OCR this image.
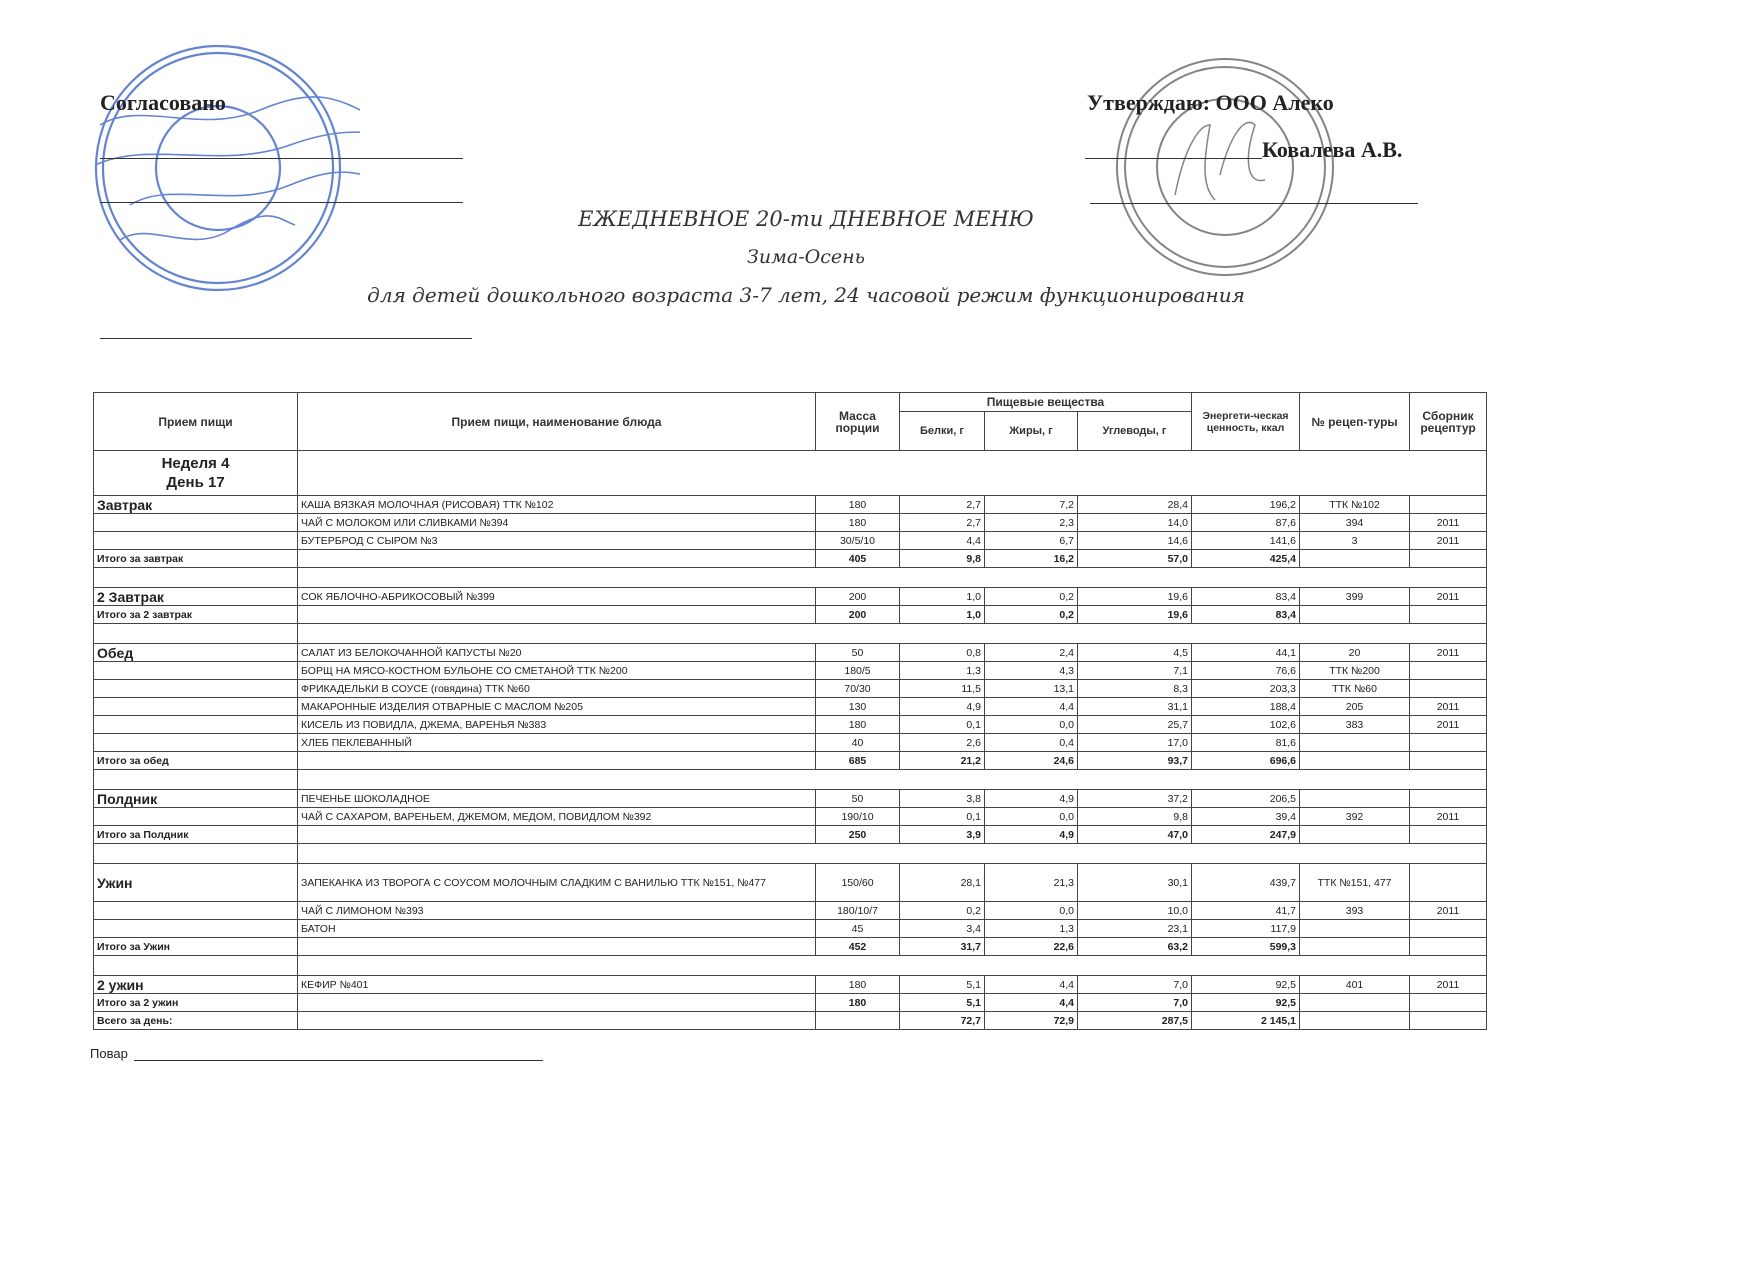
Согласовано	Утверждаю: ООО Алеко
Ковалева А.В.
ЕЖЕДНЕВНОЕ 20-ти ДНЕВНОЕ МЕНЮ
Зима-Осень
для детей дошкольного возраста 3-7 лет, 24 часовой режим функционирования
Прием пищи	Прием пищи, наименование блюда	Масса порции	Пищевые вещества			Энергети-ческая ценность, ккал	№ рецеп-туры	Сборник рецептур
			Белки, г	Жиры, г	Углеводы, г			

Неделя 4
День 17								

Завтрак	КАША ВЯЗКАЯ МОЛОЧНАЯ (РИСОВАЯ) ТТК №102	180	2,7	7,2	28,4	196,2	ТТК №102	
	ЧАЙ С МОЛОКОМ ИЛИ СЛИВКАМИ №394	180	2,7	2,3	14,0	87,6	394	2011
	БУТЕРБРОД С СЫРОМ №3	30/5/10	4,4	6,7	14,6	141,6	3	2011
Итого за завтрак		405	9,8	16,2	57,0	425,4		

2 Завтрак	СОК ЯБЛОЧНО-АБРИКОСОВЫЙ №399	200	1,0	0,2	19,6	83,4	399	2011
Итого за 2 завтрак		200	1,0	0,2	19,6	83,4		

Обед	САЛАТ ИЗ БЕЛОКОЧАННОЙ КАПУСТЫ №20	50	0,8	2,4	4,5	44,1	20	2011
	БОРЩ НА МЯСО-КОСТНОМ БУЛЬОНЕ СО СМЕТАНОЙ ТТК №200	180/5	1,3	4,3	7,1	76,6	ТТК №200	
	ФРИКАДЕЛЬКИ В СОУСЕ (говядина) ТТК №60	70/30	11,5	13,1	8,3	203,3	ТТК №60	
	МАКАРОННЫЕ ИЗДЕЛИЯ ОТВАРНЫЕ С МАСЛОМ №205	130	4,9	4,4	31,1	188,4	205	2011
	КИСЕЛЬ ИЗ ПОВИДЛА, ДЖЕМА, ВАРЕНЬЯ №383	180	0,1	0,0	25,7	102,6	383	2011
	ХЛЕБ ПЕКЛЕВАННЫЙ	40	2,6	0,4	17,0	81,6		
Итого за обед		685	21,2	24,6	93,7	696,6		

Полдник	ПЕЧЕНЬЕ ШОКОЛАДНОЕ	50	3,8	4,9	37,2	206,5		
	ЧАЙ С САХАРОМ, ВАРЕНЬЕМ, ДЖЕМОМ, МЕДОМ, ПОВИДЛОМ №392	190/10	0,1	0,0	9,8	39,4	392	2011
Итого за Полдник		250	3,9	4,9	47,0	247,9		

Ужин	ЗАПЕКАНКА ИЗ ТВОРОГА С СОУСОМ МОЛОЧНЫМ СЛАДКИМ С ВАНИЛЬЮ ТТК №151, №477	150/60	28,1	21,3	30,1	439,7	ТТК №151, 477	
	ЧАЙ С ЛИМОНОМ №393	180/10/7	0,2	0,0	10,0	41,7	393	2011
	БАТОН	45	3,4	1,3	23,1	117,9		
Итого за Ужин		452	31,7	22,6	63,2	599,3		

2 ужин	КЕФИР №401	180	5,1	4,4	7,0	92,5	401	2011
Итого за 2 ужин		180	5,1	4,4	7,0	92,5		
Всего за день:			72,7	72,9	287,5	2 145,1		
Повар
